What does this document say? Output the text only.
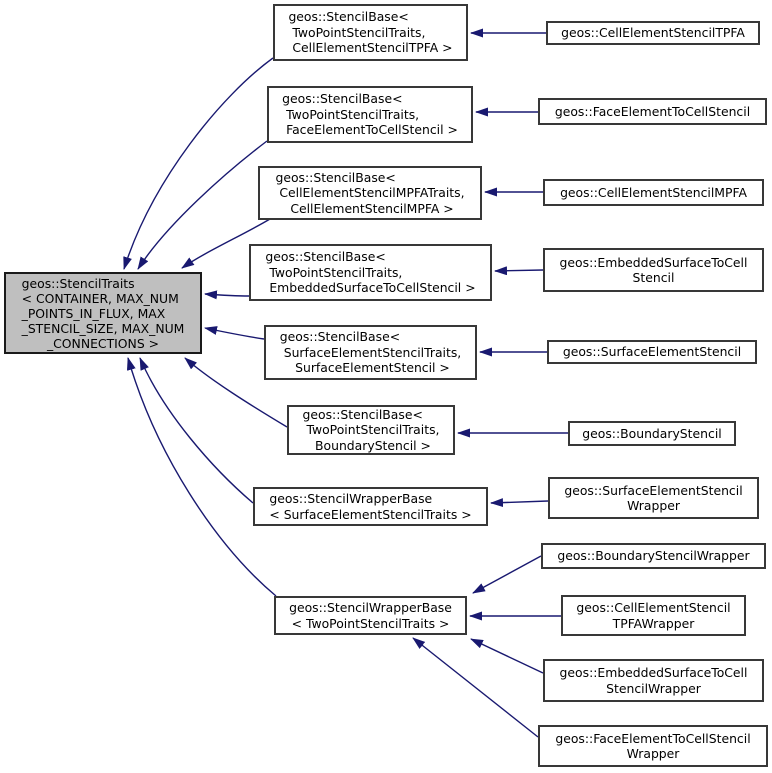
geos::StencilTraits
< CONTAINER, MAX_NUM
_POINTS_IN_FLUX, MAX
_STENCIL_SIZE, MAX_NUM
_CONNECTIONS >
geos::StencilBase<
TwoPointStencilTraits,
CellElementStencilTPFA >
geos::StencilBase<
TwoPointStencilTraits,
FaceElementToCellStencil >
geos::StencilBase<
CellElementStencilMPFATraits,
CellElementStencilMPFA >
geos::StencilBase<
TwoPointStencilTraits,
EmbeddedSurfaceToCellStencil >
geos::StencilBase<
SurfaceElementStencilTraits,
SurfaceElementStencil >
geos::StencilBase<
TwoPointStencilTraits,
BoundaryStencil >
geos::StencilWrapperBase
< SurfaceElementStencilTraits >
geos::StencilWrapperBase
< TwoPointStencilTraits >
geos::CellElementStencilTPFA
geos::FaceElementToCellStencil
geos::CellElementStencilMPFA
geos::EmbeddedSurfaceToCell
Stencil
geos::SurfaceElementStencil
geos::BoundaryStencil
geos::SurfaceElementStencil
Wrapper
geos::BoundaryStencilWrapper
geos::CellElementStencil
TPFAWrapper
geos::EmbeddedSurfaceToCell
StencilWrapper
geos::FaceElementToCellStencil
Wrapper
